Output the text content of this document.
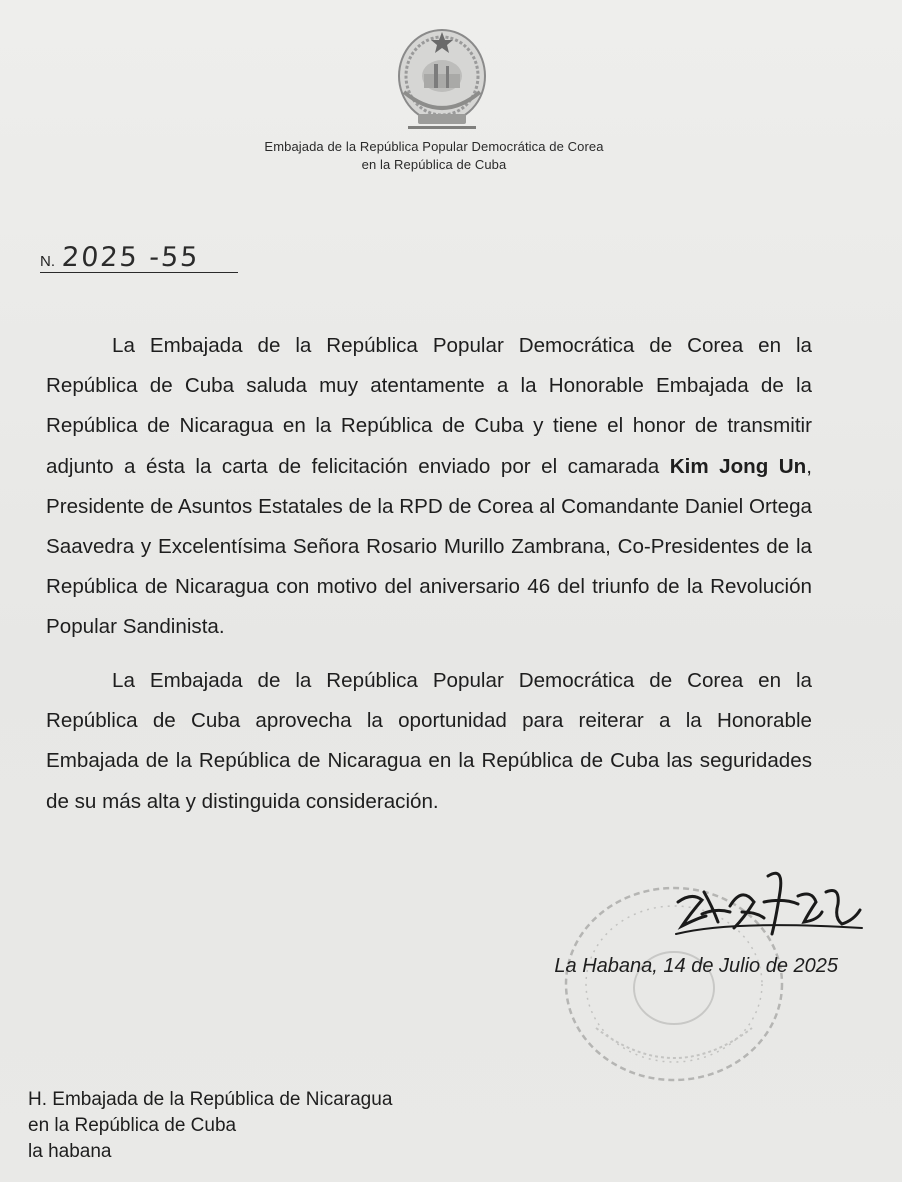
Embajada de la República Popular Democrática de Corea
en la República de Cuba
N. 2025 -55

La Embajada de la República Popular Democrática de Corea en la República de Cuba saluda muy atentamente a la Honorable Embajada de la República de Nicaragua en la República de Cuba y tiene el honor de transmitir adjunto a ésta la carta de felicitación enviado por el camarada Kim Jong Un, Presidente de Asuntos Estatales de la RPD de Corea al Comandante Daniel Ortega Saavedra y Excelentísima Señora Rosario Murillo Zambrana, Co-Presidentes de la República de Nicaragua con motivo del aniversario 46 del triunfo de la Revolución Popular Sandinista.

La Embajada de la República Popular Democrática de Corea en la República de Cuba aprovecha la oportunidad para reiterar a la Honorable Embajada de la República de Nicaragua en la República de Cuba las seguridades de su más alta y distinguida consideración.

La Habana, 14 de Julio de 2025
H. Embajada de la República de Nicaragua
en la República de Cuba
la habana
